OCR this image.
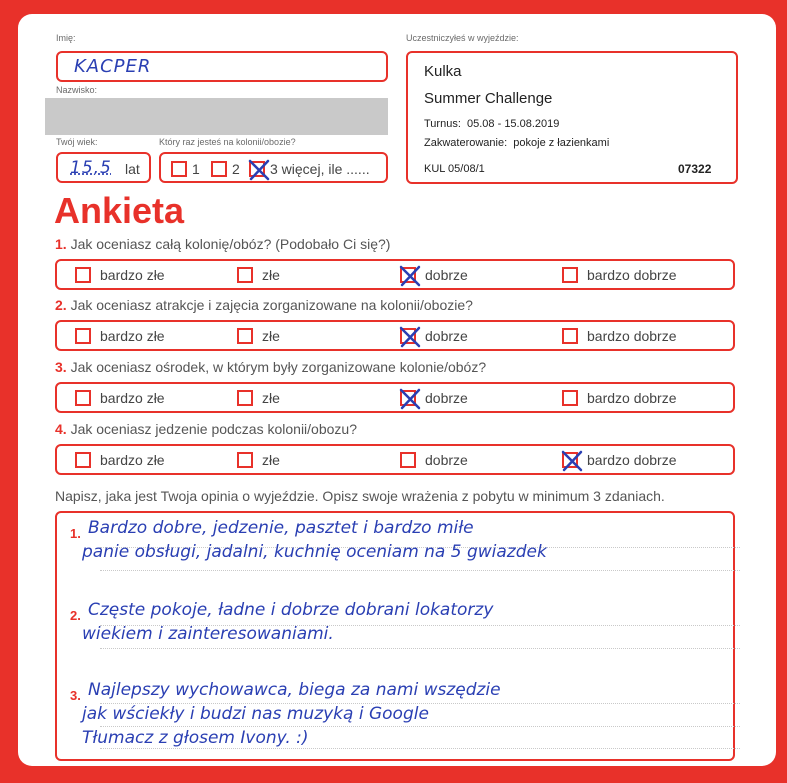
Imię:
KACPER
Nazwisko:
Twój wiek:
15,5 lat
Który raz jesteś na kolonii/obozie?
1 2 3 więcej, ile ......
Uczestniczyłeś w wyjeździe:
Kulka
Summer Challenge
Turnus: 05.08 - 15.08.2019
Zakwaterowanie: pokoje z łazienkami
KUL 05/08/1	07322
Ankieta
1. Jak oceniasz całą kolonię/obóz? (Podobało Ci się?)
bardzo złe	złe	dobrze	bardzo dobrze
2. Jak oceniasz atrakcje i zajęcia zorganizowane na kolonii/obozie?
bardzo złe	złe	dobrze	bardzo dobrze
3. Jak oceniasz ośrodek, w którym były zorganizowane kolonie/obóz?
bardzo złe	złe	dobrze	bardzo dobrze
4. Jak oceniasz jedzenie podczas kolonii/obozu?
bardzo złe	złe	dobrze	bardzo dobrze
Napisz, jaka jest Twoja opinia o wyjeździe. Opisz swoje wrażenia z pobytu w minimum 3 zdaniach.
1. Bardzo dobre, jedzenie, pasztet i bardzo miłe
panie obsługi, jadalni, kuchnię oceniam na 5 gwiazdek
2. Częste pokoje, ładne i dobrze dobrani lokatorzy
wiekiem i zainteresowaniami.
3. Najlepszy wychowawca, biega za nami wszędzie
jak wściekły i budzi nas muzyką i Google
Tłumacz z głosem Ivony. :)
